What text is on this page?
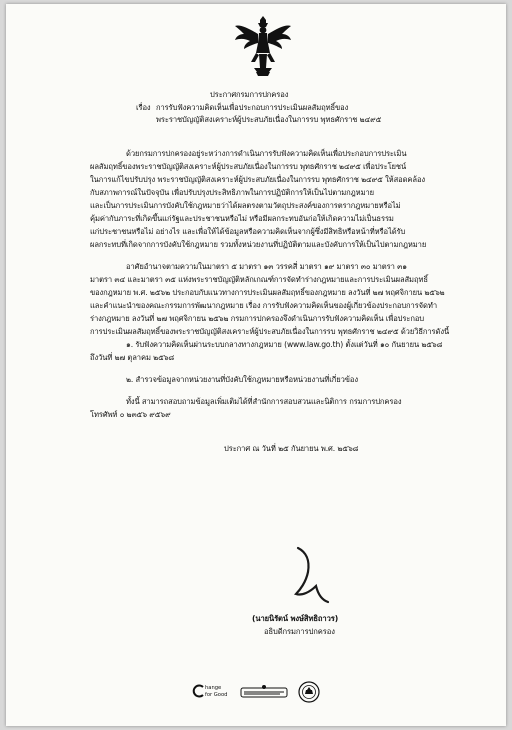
ประกาศกรมการปกครอง
เรื่อง การรับฟังความคิดเห็นเพื่อประกอบการประเมินผลสัมฤทธิ์ของ
พระราชบัญญัติสงเคราะห์ผู้ประสบภัยเนื่องในการรบ พุทธศักราช ๒๔๙๕
ด้วยกรมการปกครองอยู่ระหว่างการดำเนินการรับฟังความคิดเห็นเพื่อประกอบการประเมิน
ผลสัมฤทธิ์ของพระราชบัญญัติสงเคราะห์ผู้ประสบภัยเนื่องในการรบ พุทธศักราช ๒๔๙๕ เพื่อประโยชน์
ในการแก้ไขปรับปรุง พระราชบัญญัติสงเคราะห์ผู้ประสบภัยเนื่องในการรบ พุทธศักราช ๒๔๙๕ ให้สอดคล้อง
กับสภาพการณ์ในปัจจุบัน เพื่อปรับปรุงประสิทธิภาพในการปฏิบัติการให้เป็นไปตามกฎหมาย
และเป็นการประเมินการบังคับใช้กฎหมายว่าได้ผลตรงตามวัตถุประสงค์ของการตรากฎหมายหรือไม่
คุ้มค่ากับภาระที่เกิดขึ้นแก่รัฐและประชาชนหรือไม่ หรือมีผลกระทบอันก่อให้เกิดความไม่เป็นธรรม
แก่ประชาชนหรือไม่ อย่างไร และเพื่อให้ได้ข้อมูลหรือความคิดเห็นจากผู้ซึ่งมีสิทธิหรือหน้าที่หรือได้รับ
ผลกระทบที่เกิดจากการบังคับใช้กฎหมาย รวมทั้งหน่วยงานที่ปฏิบัติตามและบังคับการให้เป็นไปตามกฎหมาย
อาศัยอำนาจตามความในมาตรา ๕ มาตรา ๑๓ วรรคสี่ มาตรา ๑๙ มาตรา ๓๐ มาตรา ๓๑
มาตรา ๓๔ และมาตรา ๓๕ แห่งพระราชบัญญัติหลักเกณฑ์การจัดทำร่างกฎหมายและการประเมินผลสัมฤทธิ์
ของกฎหมาย พ.ศ. ๒๕๖๒ ประกอบกับแนวทางการประเมินผลสัมฤทธิ์ของกฎหมาย ลงวันที่ ๒๗ พฤศจิกายน ๒๕๖๒
และคำแนะนำของคณะกรรมการพัฒนากฎหมาย เรื่อง การรับฟังความคิดเห็นของผู้เกี่ยวข้องประกอบการจัดทำ
ร่างกฎหมาย ลงวันที่ ๒๗ พฤศจิกายน ๒๕๖๒ กรมการปกครองจึงดำเนินการรับฟังความคิดเห็น เพื่อประกอบ
การประเมินผลสัมฤทธิ์ของพระราชบัญญัติสงเคราะห์ผู้ประสบภัยเนื่องในการรบ พุทธศักราช ๒๔๙๕ ด้วยวิธีการดังนี้
๑. รับฟังความคิดเห็นผ่านระบบกลางทางกฎหมาย (www.law.go.th) ตั้งแต่วันที่ ๑๐ กันยายน ๒๕๖๘
ถึงวันที่ ๒๗ ตุลาคม ๒๕๖๘
๒. สำรวจข้อมูลจากหน่วยงานที่บังคับใช้กฎหมายหรือหน่วยงานที่เกี่ยวข้อง
ทั้งนี้ สามารถสอบถามข้อมูลเพิ่มเติมได้ที่สำนักการสอบสวนและนิติการ กรมการปกครอง
โทรศัพท์ ๐ ๒๓๕๖ ๙๕๖๙
ประกาศ ณ วันที่ ๒๕ กันยายน พ.ศ. ๒๕๖๘
(นายนิรัตน์ พงษ์สิทธิถาวร)
อธิบดีกรมการปกครอง
hange
for Good
